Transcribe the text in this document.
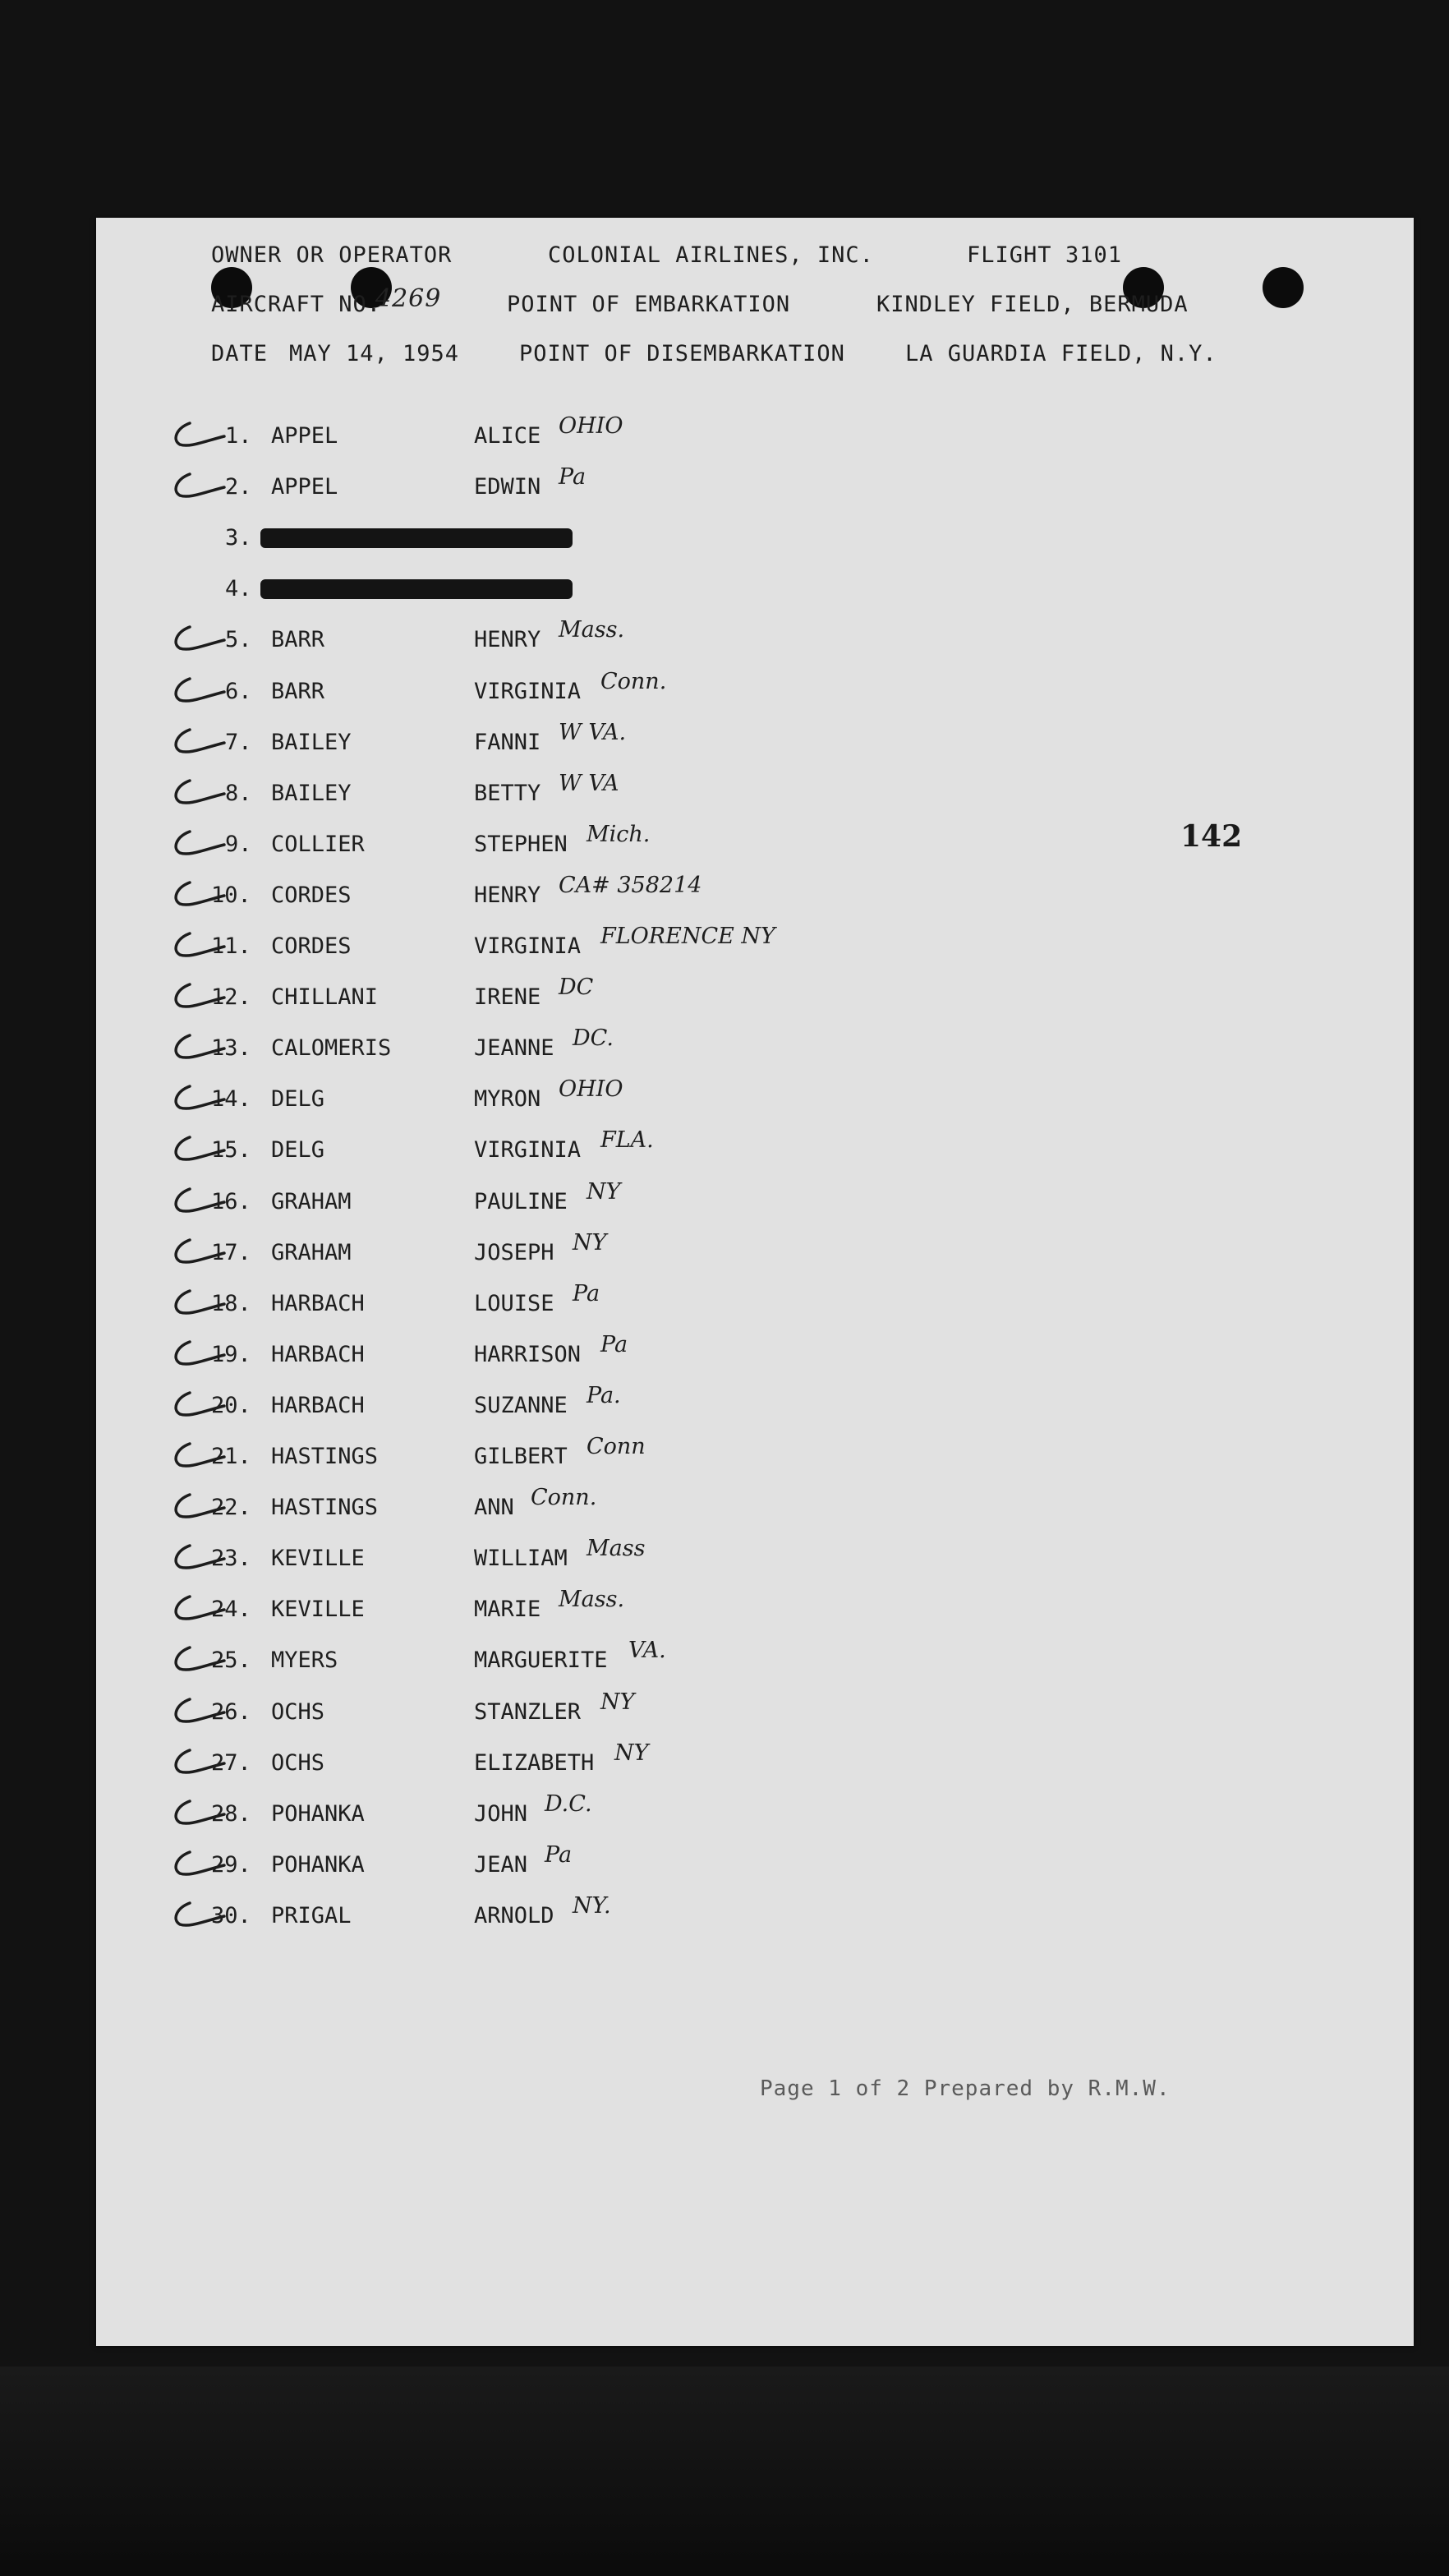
OWNER OR OPERATOR

	COLONIAL AIRLINES, INC.

	FLIGHT

3101

AIRCRAFT NO.

4269

	POINT OF EMBARKATION

	KINDLEY FIELD, BERMUDA

DATE

MAY 14, 1954

	POINT OF DISEMBARKATION

	LA GUARDIA FIELD, N.Y.

1. APPEL	ALICE OHIO
2. APPEL	EDWIN Pa
3.
4.
5. BARR	HENRY Mass.
6. BARR	VIRGINIA Conn.
7. BAILEY	FANNI W VA.
8. BAILEY	BETTY W VA
9. COLLIER	STEPHEN Mich.
10. CORDES	HENRY CA# 358214
11. CORDES	VIRGINIA FLORENCE NY
12. CHILLANI	IRENE DC
13. CALOMERIS	JEANNE DC.
14. DELG	MYRON OHIO
15. DELG	VIRGINIA FLA.
16. GRAHAM	PAULINE NY
17. GRAHAM	JOSEPH NY
18. HARBACH	LOUISE Pa
19. HARBACH	HARRISON Pa
20. HARBACH	SUZANNE Pa.
21. HASTINGS	GILBERT Conn
22. HASTINGS	ANN Conn.
23. KEVILLE	WILLIAM Mass
24. KEVILLE	MARIE Mass.
25. MYERS	MARGUERITE VA.
26. OCHS	STANZLER NY
27. OCHS	ELIZABETH NY
28. POHANKA	JOHN D.C.
29. POHANKA	JEAN Pa
30. PRIGAL	ARNOLD NY.
142
Page 1 of 2 Prepared by R.M.W.
